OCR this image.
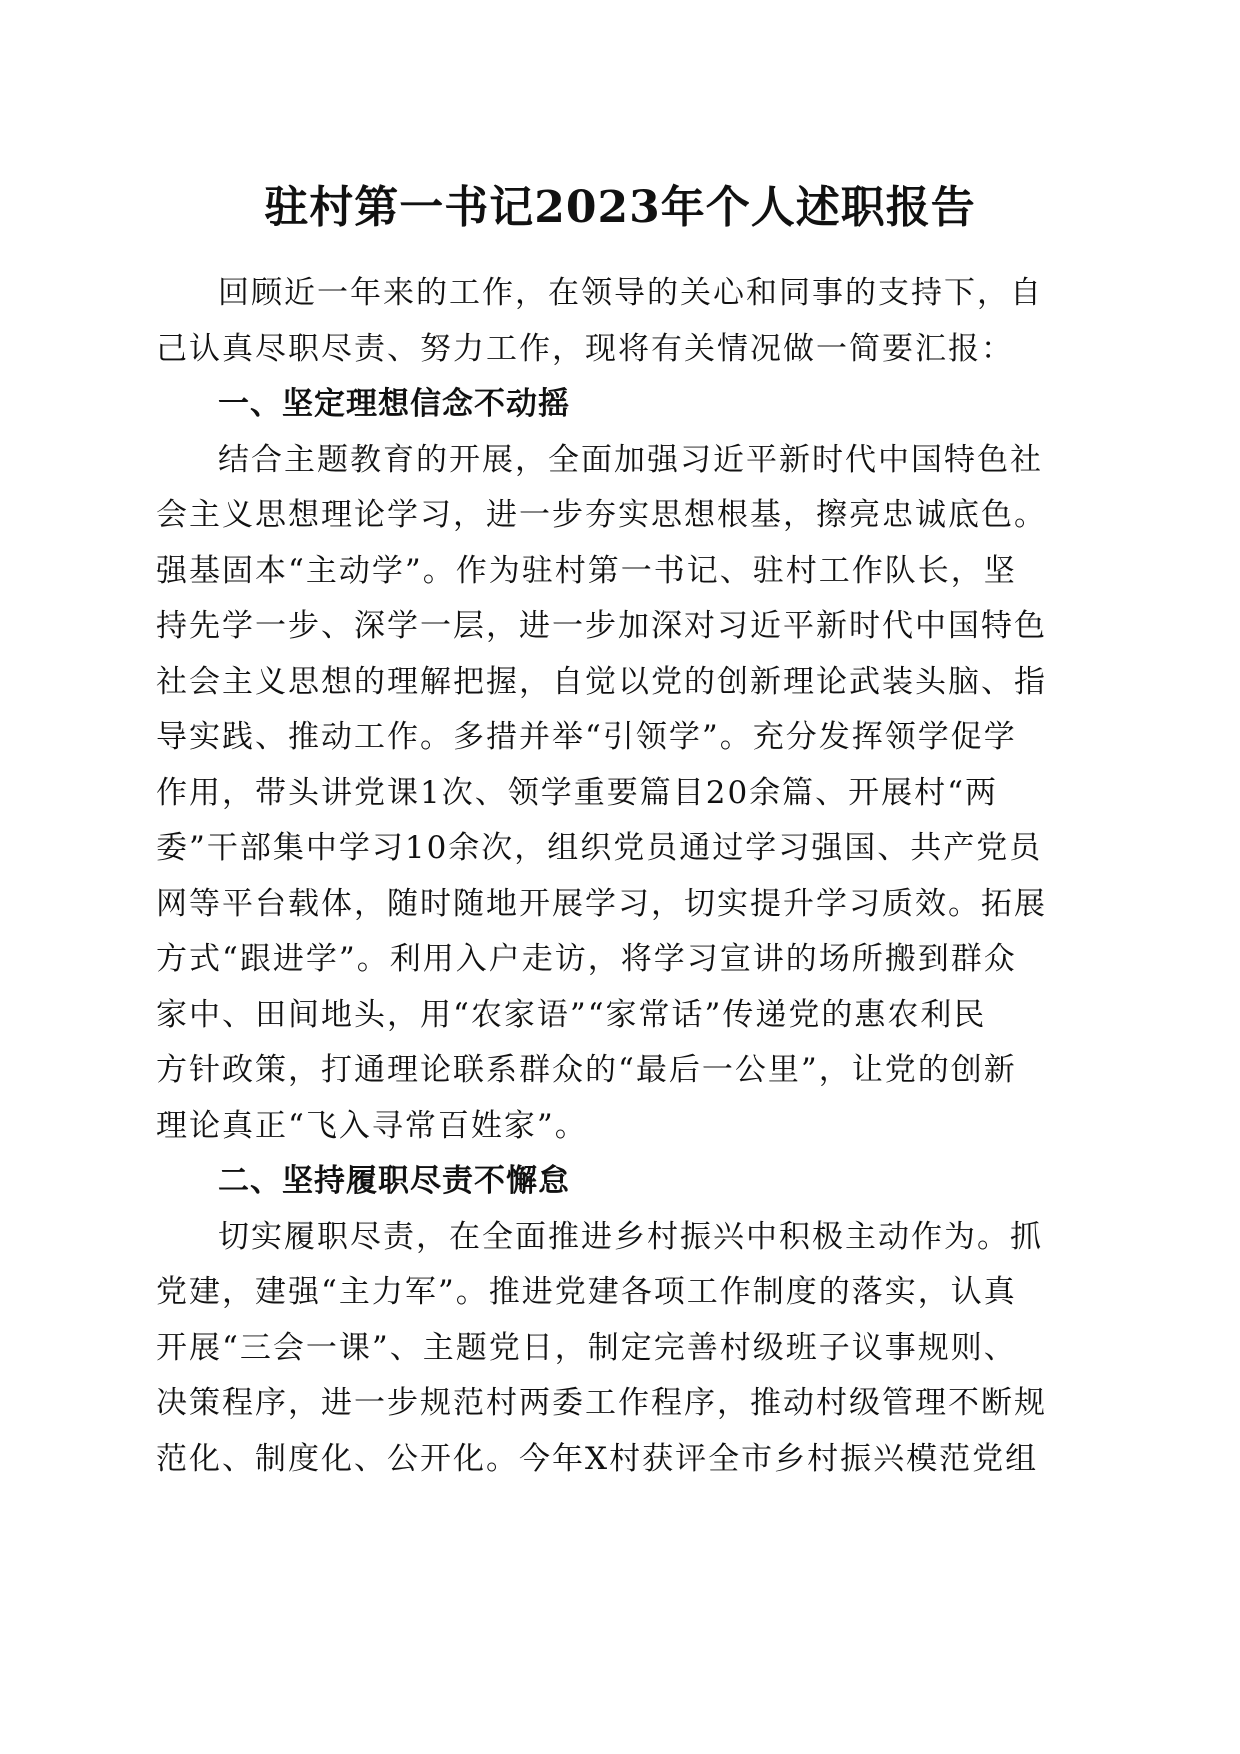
驻村第一书记2023年个人述职报告
回顾近一年来的工作，在领导的关心和同事的支持下，自
己认真尽职尽责、努力工作，现将有关情况做一简要汇报：
一、坚定理想信念不动摇
结合主题教育的开展，全面加强习近平新时代中国特色社
会主义思想理论学习，进一步夯实思想根基，擦亮忠诚底色。
强基固本“主动学”。作为驻村第一书记、驻村工作队长，坚
持先学一步、深学一层，进一步加深对习近平新时代中国特色
社会主义思想的理解把握，自觉以党的创新理论武装头脑、指
导实践、推动工作。多措并举“引领学”。充分发挥领学促学
作用，带头讲党课1次、领学重要篇目20余篇、开展村“两
委”干部集中学习10余次，组织党员通过学习强国、共产党员
网等平台载体，随时随地开展学习，切实提升学习质效。拓展
方式“跟进学”。利用入户走访，将学习宣讲的场所搬到群众
家中、田间地头，用“农家语”“家常话”传递党的惠农利民
方针政策，打通理论联系群众的“最后一公里”，让党的创新
理论真正“飞入寻常百姓家”。
二、坚持履职尽责不懈怠
切实履职尽责，在全面推进乡村振兴中积极主动作为。抓
党建，建强“主力军”。推进党建各项工作制度的落实，认真
开展“三会一课”、主题党日，制定完善村级班子议事规则、
决策程序，进一步规范村两委工作程序，推动村级管理不断规
范化、制度化、公开化。今年X村获评全市乡村振兴模范党组
